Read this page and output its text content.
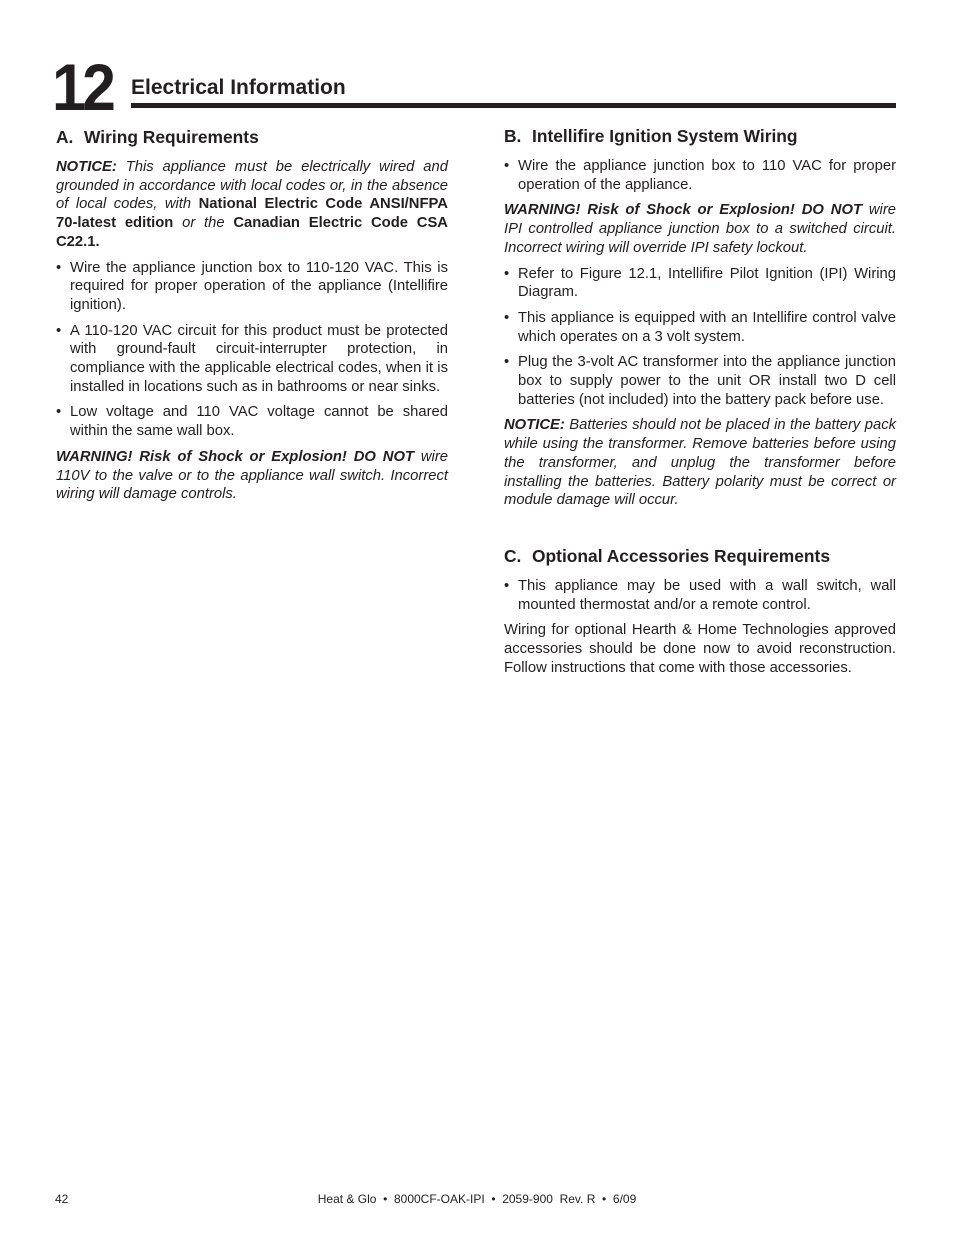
12 Electrical Information
A. Wiring Requirements

NOTICE: This appliance must be electrically wired and grounded in accordance with local codes or, in the absence of local codes, with National Electric Code ANSI/NFPA 70-latest edition or the Canadian Electric Code CSA C22.1.

• Wire the appliance junction box to 110-120 VAC. This is required for proper operation of the appliance (Intellifire ignition).
• A 110-120 VAC circuit for this product must be protected with ground-fault circuit-interrupter protection, in compliance with the applicable electrical codes, when it is installed in locations such as in bathrooms or near sinks.
• Low voltage and 110 VAC voltage cannot be shared within the same wall box.

WARNING! Risk of Shock or Explosion! DO NOT wire 110V to the valve or to the appliance wall switch. Incorrect wiring will damage controls.

B. Intellifire Ignition System Wiring
• Wire the appliance junction box to 110 VAC for proper operation of the appliance.

WARNING! Risk of Shock or Explosion! DO NOT wire IPI controlled appliance junction box to a switched circuit. Incorrect wiring will override IPI safety lockout.

• Refer to Figure 12.1, Intellifire Pilot Ignition (IPI) Wiring Diagram.
• This appliance is equipped with an Intellifire control valve which operates on a 3 volt system.
• Plug the 3-volt AC transformer into the appliance junction box to supply power to the unit OR install two D cell batteries (not included) into the battery pack before use.

NOTICE: Batteries should not be placed in the battery pack while using the transformer. Remove batteries before using the transformer, and unplug the transformer before installing the batteries. Battery polarity must be correct or module damage will occur.

C. Optional Accessories Requirements
• This appliance may be used with a wall switch, wall mounted thermostat and/or a remote control.

Wiring for optional Hearth & Home Technologies approved accessories should be done now to avoid reconstruction. Follow instructions that come with those accessories.

42	Heat & Glo  •  8000CF-OAK-IPI  •  2059-900  Rev. R  •  6/09
